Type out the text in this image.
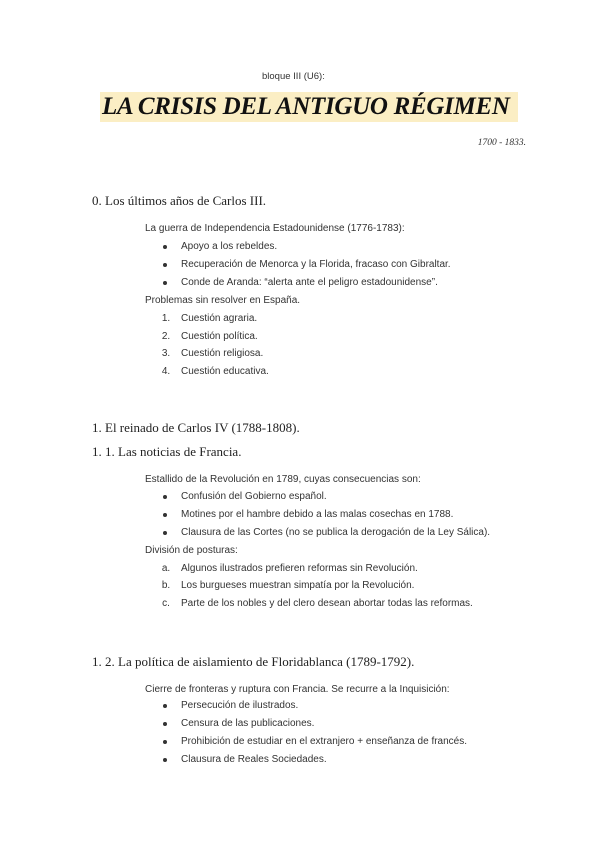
bloque III (U6):

LA CRISIS DEL ANTIGUO RÉGIMEN

1700 - 1833.

0. Los últimos años de Carlos III.

La guerra de Independencia Estadounidense (1776-1783):

Apoyo a los rebeldes.
Recuperación de Menorca y la Florida, fracaso con Gibraltar.
Conde de Aranda: “alerta ante el peligro estadounidense”.

Problemas sin resolver en España.

1. Cuestión agraria.
2. Cuestión política.
3. Cuestión religiosa.
4. Cuestión educativa.

1. El reinado de Carlos IV (1788-1808).

1. 1. Las noticias de Francia.

Estallido de la Revolución en 1789, cuyas consecuencias son:

Confusión del Gobierno español.
Motines por el hambre debido a las malas cosechas en 1788.
Clausura de las Cortes (no se publica la derogación de la Ley Sálica).

División de posturas:

a. Algunos ilustrados prefieren reformas sin Revolución.
b. Los burgueses muestran simpatía por la Revolución.
c.	Parte de los nobles y del clero desean abortar todas las reformas.

1. 2. La política de aislamiento de Floridablanca (1789-1792).

Cierre de fronteras y ruptura con Francia. Se recurre a la Inquisición:

Persecución de ilustrados.
Censura de las publicaciones.
Prohibición de estudiar en el extranjero + enseñanza de francés.
Clausura de Reales Sociedades.
